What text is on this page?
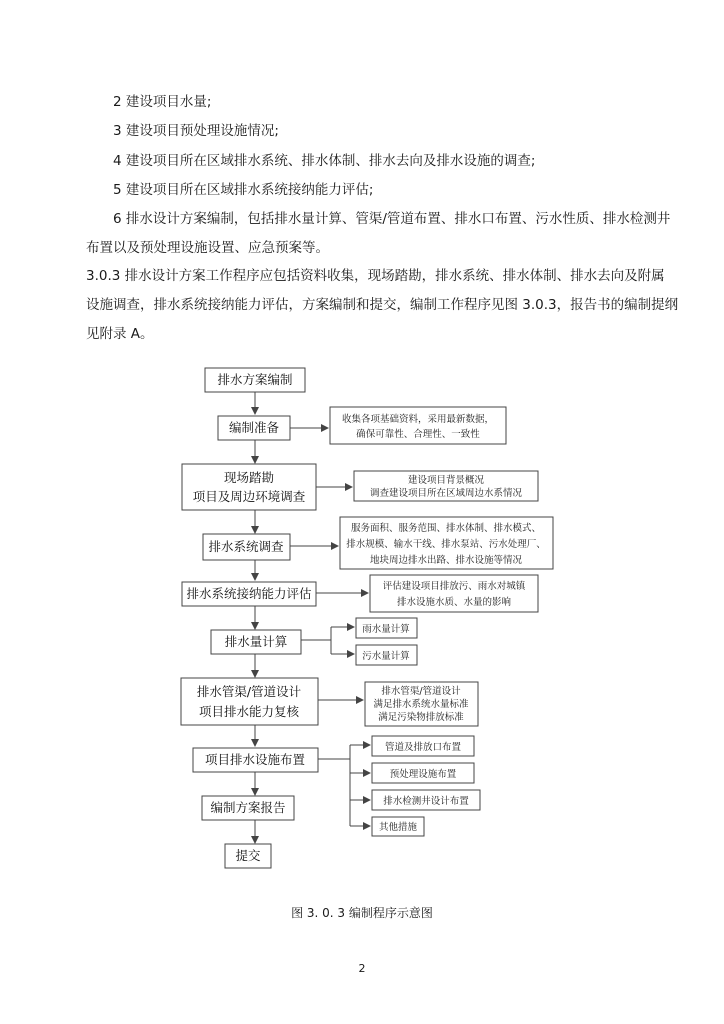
2 建设项目水量;

3 建设项目预处理设施情况;

4 建设项目所在区域排水系统、排水体制、排水去向及排水设施的调查;

5 建设项目所在区域排水系统接纳能力评估;

6 排水设计方案编制，包括排水量计算、管渠/管道布置、排水口布置、污水性质、排水检测井

布置以及预处理设施设置、应急预案等。

3.0.3 排水设计方案工作程序应包括资料收集，现场踏勘，排水系统、排水体制、排水去向及附属

设施调查，排水系统接纳能力评估，方案编制和提交，编制工作程序见图 3.0.3，报告书的编制提纲

见附录 A。

排水方案编制
编制准备
现场踏勘
项目及周边环境调查
排水系统调查
排水系统接纳能力评估
排水量计算
排水管渠/管道设计
项目排水能力复核
项目排水设施布置
编制方案报告
提交
收集各项基础资料，采用最新数据，
确保可靠性、合理性、一致性
建设项目背景概况
调查建设项目所在区域周边水系情况
服务面积、服务范围、排水体制、排水模式、
排水规模、输水干线、排水泵站、污水处理厂、
地块周边排水出路、排水设施等情况
评估建设项目排放污、雨水对城镇
排水设施水质、水量的影响
雨水量计算
污水量计算
排水管渠/管道设计
满足排水系统水量标准
满足污染物排放标准
管道及排放口布置
预处理设施布置
排水检测井设计布置
其他措施

图 3. 0. 3 编制程序示意图

2
